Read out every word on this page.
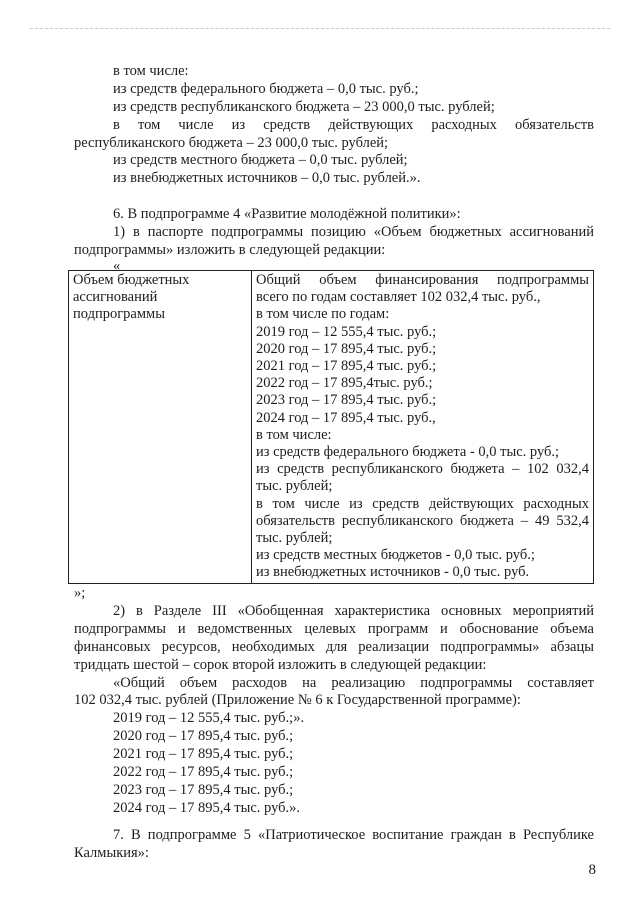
в том числе:
из средств федерального бюджета – 0,0 тыс. руб.;
из средств республиканского бюджета – 23 000,0 тыс. рублей;
в том числе из средств действующих расходных обязательств
республиканского бюджета – 23 000,0 тыс. рублей;
из средств местного бюджета – 0,0 тыс. рублей;
из внебюджетных источников – 0,0 тыс. рублей.».
6. В подпрограмме 4 «Развитие молодёжной политики»:
1) в паспорте подпрограммы позицию «Объем бюджетных ассигнований
подпрограммы» изложить в следующей редакции:
«
Объем бюджетных
ассигнований
подпрограммы

Общий объем финансирования подпрограммы
всего по годам составляет 102 032,4 тыс. руб.,
в том числе по годам:
2019 год – 12 555,4 тыс. руб.;
2020 год – 17 895,4 тыс. руб.;
2021 год – 17 895,4 тыс. руб.;
2022 год – 17 895,4тыс. руб.;
2023 год – 17 895,4 тыс. руб.;
2024 год – 17 895,4 тыс. руб.,
в том числе:
из средств федерального бюджета - 0,0 тыс. руб.;
из средств республиканского бюджета – 102 032,4
тыс. рублей;
в том числе из средств действующих расходных
обязательств республиканского бюджета – 49 532,4
тыс. рублей;
из средств местных бюджетов - 0,0 тыс. руб.;
из внебюджетных источников - 0,0 тыс. руб.
»;
2) в Разделе III «Обобщенная характеристика основных мероприятий
подпрограммы и ведомственных целевых программ и обоснование объема
финансовых ресурсов, необходимых для реализации подпрограммы» абзацы
тридцать шестой – сорок второй изложить в следующей редакции:
«Общий объем расходов на реализацию подпрограммы составляет
102 032,4 тыс. рублей (Приложение № 6 к Государственной программе):
2019 год – 12 555,4 тыс. руб.;».
2020 год – 17 895,4 тыс. руб.;
2021 год – 17 895,4 тыс. руб.;
2022 год – 17 895,4 тыс. руб.;
2023 год – 17 895,4 тыс. руб.;
2024 год – 17 895,4 тыс. руб.».
7. В подпрограмме 5 «Патриотическое воспитание граждан в Республике
Калмыкия»:
8
